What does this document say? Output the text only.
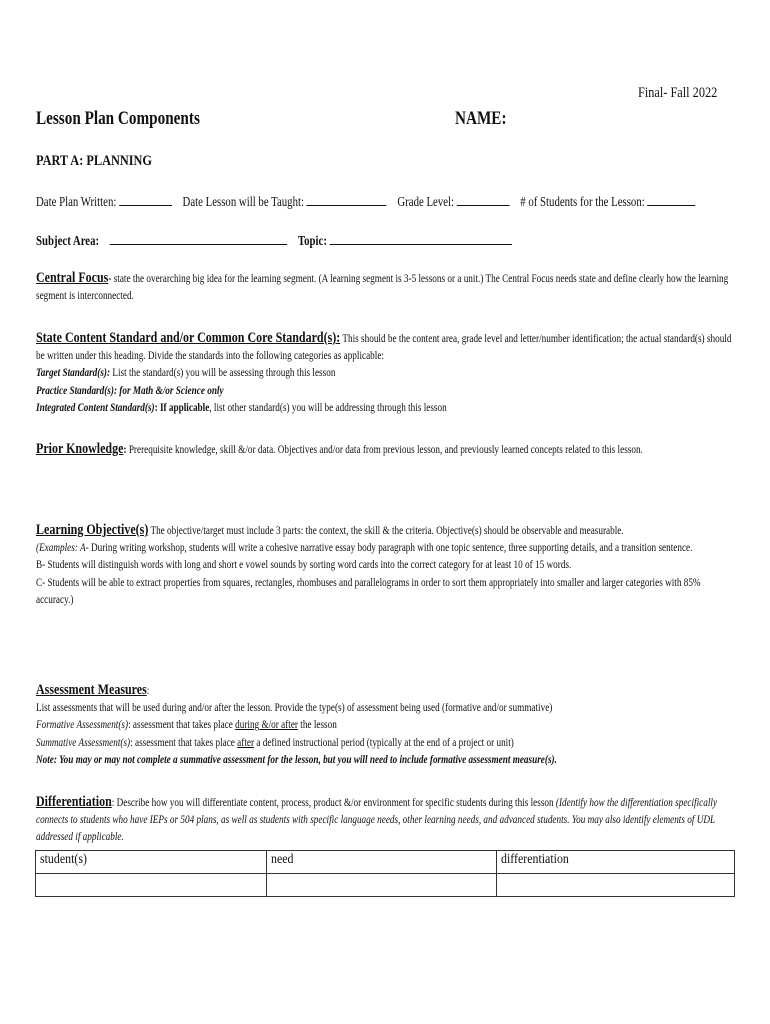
Final- Fall 2022
Lesson Plan Components	NAME:
PART A: PLANNING
Date Plan Written:	Date Lesson will be Taught:	Grade Level:	# of Students for the Lesson:
Subject Area:	Topic:
Central Focus- state the overarching big idea for the learning segment. (A learning segment is 3-5 lessons or a unit.) The Central Focus needs state and define clearly how the learning segment is interconnected.
State Content Standard and/or Common Core Standard(s): This should be the content area, grade level and letter/number identification; the actual standard(s) should be written under this heading. Divide the standards into the following categories as applicable:
Target Standard(s): List the standard(s) you will be assessing through this lesson
Practice Standard(s): for Math &/or Science only
Integrated Content Standard(s): If applicable, list other standard(s) you will be addressing through this lesson
Prior Knowledge: Prerequisite knowledge, skill &/or data. Objectives and/or data from previous lesson, and previously learned concepts related to this lesson.
Learning Objective(s) The objective/target must include 3 parts: the context, the skill & the criteria. Objective(s) should be observable and measurable.
(Examples: A- During writing workshop, students will write a cohesive narrative essay body paragraph with one topic sentence, three supporting details, and a transition sentence.
B- Students will distinguish words with long and short e vowel sounds by sorting word cards into the correct category for at least 10 of 15 words.
C- Students will be able to extract properties from squares, rectangles, rhombuses and parallelograms in order to sort them appropriately into smaller and larger categories with 85% accuracy.)
Assessment Measures:
List assessments that will be used during and/or after the lesson. Provide the type(s) of assessment being used (formative and/or summative)
Formative Assessment(s): assessment that takes place during &/or after the lesson
Summative Assessment(s): assessment that takes place after a defined instructional period (typically at the end of a project or unit)
Note: You may or may not complete a summative assessment for the lesson, but you will need to include formative assessment measure(s).
Differentiation: Describe how you will differentiate content, process, product &/or environment for specific students during this lesson (Identify how the differentiation specifically connects to students who have IEPs or 504 plans, as well as students with specific language needs, other learning needs, and advanced students. You may also identify elements of UDL addressed if applicable.
student(s)	need	differentiation
